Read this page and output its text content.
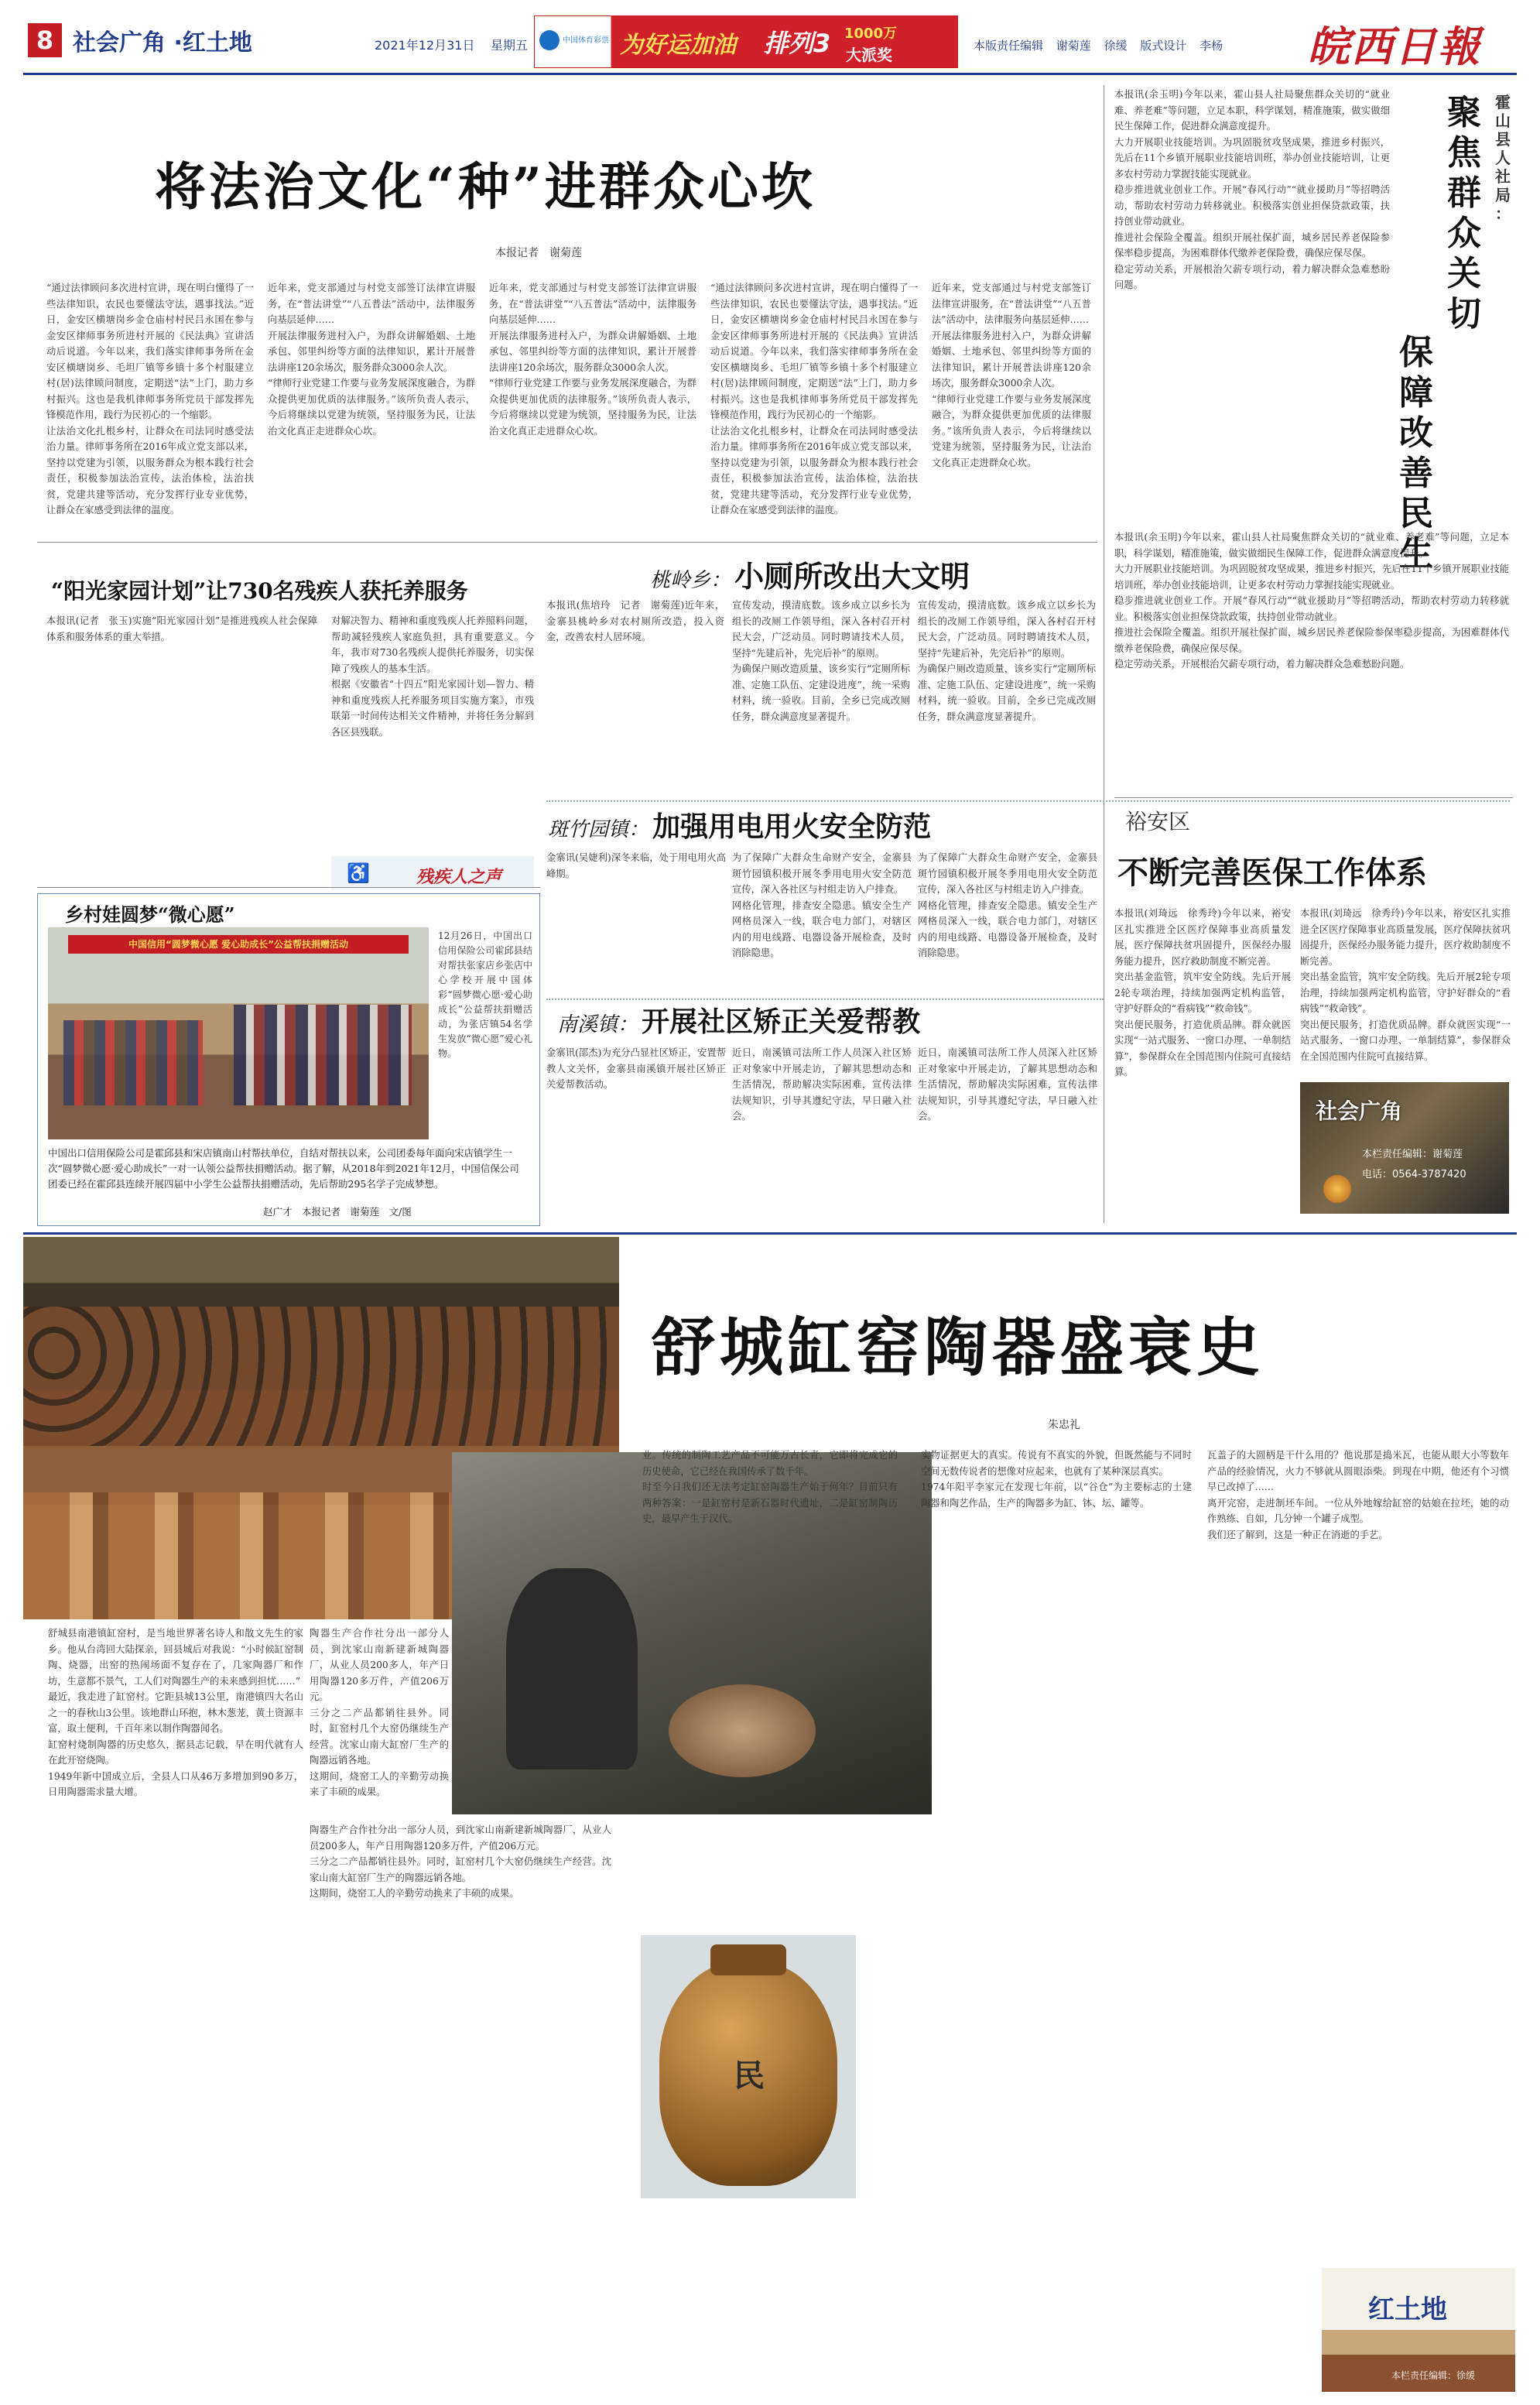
8 社会广角 ·红土地	2021年12月31日 星期五	中国体育彩票 为好运加油 排列3 1000万
大派奖	本版责任编辑 谢菊莲 徐缓 版式设计 李杨 皖西日報
将法治文化“种”进群众心坎
本报记者　谢菊莲
“通过法律顾问多次进村宣讲，现在明白懂得了一些法律知识，农民也要懂法守法，遇事找法。”近日，金安区横塘岗乡金仓庙村村民吕永国在参与金安区律师事务所进村开展的《民法典》宣讲活动后说道。今年以来，我们落实律师事务所在金安区横塘岗乡、毛坦厂镇等乡镇十多个村服建立村(居)法律顾问制度，定期送“法”上门，助力乡村振兴。这也是我机律师事务所党员干部发挥先锋模范作用，践行为民初心的一个缩影。
让法治文化扎根乡村，让群众在司法同时感受法治力量。律师事务所在2016年成立党支部以来，坚持以党建为引领，以服务群众为根本践行社会责任，积极参加法治宣传，法治体检，法治扶贫，党建共建等活动，充分发挥行业专业优势，让群众在家感受到法律的温度。
近年来，党支部通过与村党支部签订法律宣讲服务，在“普法讲堂”“八五普法”活动中，法律服务向基层延伸……
开展法律服务进村入户，为群众讲解婚姻、土地承包、邻里纠纷等方面的法律知识，累计开展普法讲座120余场次，服务群众3000余人次。
“律师行业党建工作要与业务发展深度融合，为群众提供更加优质的法律服务。”该所负责人表示，今后将继续以党建为统领，坚持服务为民，让法治文化真正走进群众心坎。
近年来，党支部通过与村党支部签订法律宣讲服务，在“普法讲堂”“八五普法”活动中，法律服务向基层延伸……
开展法律服务进村入户，为群众讲解婚姻、土地承包、邻里纠纷等方面的法律知识，累计开展普法讲座120余场次，服务群众3000余人次。
“律师行业党建工作要与业务发展深度融合，为群众提供更加优质的法律服务。”该所负责人表示，今后将继续以党建为统领，坚持服务为民，让法治文化真正走进群众心坎。
“通过法律顾问多次进村宣讲，现在明白懂得了一些法律知识，农民也要懂法守法，遇事找法。”近日，金安区横塘岗乡金仓庙村村民吕永国在参与金安区律师事务所进村开展的《民法典》宣讲活动后说道。今年以来，我们落实律师事务所在金安区横塘岗乡、毛坦厂镇等乡镇十多个村服建立村(居)法律顾问制度，定期送“法”上门，助力乡村振兴。这也是我机律师事务所党员干部发挥先锋模范作用，践行为民初心的一个缩影。
让法治文化扎根乡村，让群众在司法同时感受法治力量。律师事务所在2016年成立党支部以来，坚持以党建为引领，以服务群众为根本践行社会责任，积极参加法治宣传，法治体检，法治扶贫，党建共建等活动，充分发挥行业专业优势，让群众在家感受到法律的温度。
近年来，党支部通过与村党支部签订法律宣讲服务，在“普法讲堂”“八五普法”活动中，法律服务向基层延伸……
开展法律服务进村入户，为群众讲解婚姻、土地承包、邻里纠纷等方面的法律知识，累计开展普法讲座120余场次，服务群众3000余人次。
“律师行业党建工作要与业务发展深度融合，为群众提供更加优质的法律服务。”该所负责人表示，今后将继续以党建为统领，坚持服务为民，让法治文化真正走进群众心坎。
霍山县人社局：
聚焦群众关切
保障改善民生
本报讯(余玉明)今年以来，霍山县人社局聚焦群众关切的“就业难、养老难”等问题，立足本职，科学谋划，精准施策，做实做细民生保障工作，促进群众满意度提升。
大力开展职业技能培训。为巩固脱贫攻坚成果，推进乡村振兴，先后在11个乡镇开展职业技能培训班，举办创业技能培训，让更多农村劳动力掌握技能实现就业。
稳步推进就业创业工作。开展“春风行动”“就业援助月”等招聘活动，帮助农村劳动力转移就业。积极落实创业担保贷款政策，扶持创业带动就业。
推进社会保险全覆盖。组织开展社保扩面，城乡居民养老保险参保率稳步提高，为困难群体代缴养老保险费，确保应保尽保。
稳定劳动关系，开展根治欠薪专项行动，着力解决群众急难愁盼问题。
本报讯(余玉明)今年以来，霍山县人社局聚焦群众关切的“就业难、养老难”等问题，立足本职，科学谋划，精准施策，做实做细民生保障工作，促进群众满意度提升。
大力开展职业技能培训。为巩固脱贫攻坚成果，推进乡村振兴，先后在11个乡镇开展职业技能培训班，举办创业技能培训，让更多农村劳动力掌握技能实现就业。
稳步推进就业创业工作。开展“春风行动”“就业援助月”等招聘活动，帮助农村劳动力转移就业。积极落实创业担保贷款政策，扶持创业带动就业。
推进社会保险全覆盖。组织开展社保扩面，城乡居民养老保险参保率稳步提高，为困难群体代缴养老保险费，确保应保尽保。
稳定劳动关系，开展根治欠薪专项行动，着力解决群众急难愁盼问题。
“阳光家园计划”让730名残疾人获托养服务
本报讯(记者　张玉)实施“阳光家园计划”是推进残疾人社会保障体系和服务体系的重大举措。
对解决智力、精神和重度残疾人托养照料问题，帮助减轻残疾人家庭负担，具有重要意义。今年，我市对730名残疾人提供托养服务，切实保障了残疾人的基本生活。
根据《安徽省“十四五”阳光家园计划—智力、精神和重度残疾人托养服务项目实施方案》，市残联第一时间传达相关文件精神，并将任务分解到各区县残联。
残疾人之声
♿
乡村娃圆梦“微心愿”
中国信用“圆梦微心愿 爱心助成长”公益帮扶捐赠活动
12月26日，中国出口信用保险公司霍邱县结对帮扶张家店乡张店中心学校开展中国体彩“圆梦微心愿·爱心助成长”公益帮扶捐赠活动，为张店镇54名学生发放“微心愿”爱心礼物。
中国出口信用保险公司是霍邱县和宋店镇南山村帮扶单位，自结对帮扶以来，公司团委每年面向宋店镇学生一次“圆梦微心愿·爱心助成长”一对一认领公益帮扶捐赠活动。据了解，从2018年到2021年12月，中国信保公司团委已经在霍邱县连续开展四届中小学生公益帮扶捐赠活动，先后帮助295名学子完成梦想。
赵广才　本报记者　谢菊莲　文/图
桃岭乡： 小厕所改出大文明
本报讯(焦培玲　记者　谢菊莲)近年来，金寨县桃岭乡对农村厕所改造，投入资金，改善农村人居环境。
宣传发动，摸清底数。该乡成立以乡长为组长的改厕工作领导组，深入各村召开村民大会，广泛动员。同时聘请技术人员，坚持“先建后补，先完后补”的原则。
为确保户厕改造质量，该乡实行“定厕所标准、定施工队伍、定建设进度”，统一采购材料，统一验收。目前，全乡已完成改厕任务，群众满意度显著提升。
宣传发动，摸清底数。该乡成立以乡长为组长的改厕工作领导组，深入各村召开村民大会，广泛动员。同时聘请技术人员，坚持“先建后补，先完后补”的原则。
为确保户厕改造质量，该乡实行“定厕所标准、定施工队伍、定建设进度”，统一采购材料，统一验收。目前，全乡已完成改厕任务，群众满意度显著提升。
斑竹园镇： 加强用电用火安全防范
金寨讯(吴婕利)深冬来临，处于用电用火高峰期。
为了保障广大群众生命财产安全，金寨县斑竹园镇积极开展冬季用电用火安全防范宣传，深入各社区与村组走访入户排查。
网格化管理，排查安全隐患。镇安全生产网格员深入一线，联合电力部门，对辖区内的用电线路、电器设备开展检查，及时消除隐患。
为了保障广大群众生命财产安全，金寨县斑竹园镇积极开展冬季用电用火安全防范宣传，深入各社区与村组走访入户排查。
网格化管理，排查安全隐患。镇安全生产网格员深入一线，联合电力部门，对辖区内的用电线路、电器设备开展检查，及时消除隐患。
南溪镇： 开展社区矫正关爱帮教
金寨讯(邵杰)为充分凸显社区矫正，安置帮教人文关怀，金寨县南溪镇开展社区矫正关爱帮教活动。
近日，南溪镇司法所工作人员深入社区矫正对象家中开展走访，了解其思想动态和生活情况，帮助解决实际困难，宣传法律法规知识，引导其遵纪守法，早日融入社会。
近日，南溪镇司法所工作人员深入社区矫正对象家中开展走访，了解其思想动态和生活情况，帮助解决实际困难，宣传法律法规知识，引导其遵纪守法，早日融入社会。
裕安区
不断完善医保工作体系
本报讯(刘琦远　徐秀玲)今年以来，裕安区扎实推进全区医疗保障事业高质量发展，医疗保障扶贫巩固提升，医保经办服务能力提升，医疗救助制度不断完善。
突出基金监管，筑牢安全防线。先后开展2轮专项治理，持续加强两定机构监管，守护好群众的“看病钱”“救命钱”。
突出便民服务，打造优质品牌。群众就医实现“一站式服务、一窗口办理、一单制结算”，参保群众在全国范围内住院可直接结算。
本报讯(刘琦远　徐秀玲)今年以来，裕安区扎实推进全区医疗保障事业高质量发展，医疗保障扶贫巩固提升，医保经办服务能力提升，医疗救助制度不断完善。
突出基金监管，筑牢安全防线。先后开展2轮专项治理，持续加强两定机构监管，守护好群众的“看病钱”“救命钱”。
突出便民服务，打造优质品牌。群众就医实现“一站式服务、一窗口办理、一单制结算”，参保群众在全国范围内住院可直接结算。
社会广角
本栏责任编辑：谢菊莲
电话：0564-3787420
舒城缸窑陶器盛衰史
朱忠礼
舒城县南港镇缸窑村，是当地世界著名诗人和散文先生的家乡。他从台湾回大陆探亲，回县城后对我说：“小时候缸窑制陶、烧器，出窑的热闹场面不复存在了，几家陶器厂和作坊，生意都不景气，工人们对陶器生产的未来感到担忧……”
最近，我走进了缸窑村。它距县城13公里，南港镇四大名山之一的春秋山3公里。该地群山环抱，林木葱茏，黄土资源丰富，取土便利，千百年来以制作陶器闻名。
缸窑村烧制陶器的历史悠久，据县志记载，早在明代就有人在此开窑烧陶。
1949年新中国成立后，全县人口从46万多增加到90多万，日用陶器需求量大增。
陶器生产合作社分出一部分人员，到沈家山南新建新城陶器厂，从业人员200多人，年产日用陶器120多万件，产值206万元。
三分之二产品都销往县外。同时，缸窑村几个大窑仍继续生产经营。沈家山南大缸窑厂生产的陶器远销各地。
这期间，烧窑工人的辛勤劳动换来了丰硕的成果。
陶器生产合作社分出一部分人员，到沈家山南新建新城陶器厂，从业人员200多人，年产日用陶器120多万件，产值206万元。
三分之二产品都销往县外。同时，缸窑村几个大窑仍继续生产经营。沈家山南大缸窑厂生产的陶器远销各地。
这期间，烧窑工人的辛勤劳动换来了丰硕的成果。
业。传统的制陶工艺产品不可能万古长青，它即将完成它的历史使命，它已经在我国传承了数千年。
时至今日我们还无法考定缸窑陶器生产始于何年？目前只有两种答案：一是缸窑村是新石器时代遗址，二是缸窑制陶历史，最早产生于汉代。
民
实物证据更大的真实。传说有不真实的外貌，但既然能与不同时空间无数传说者的想像对应起来，也就有了某种深层真实。
1974年阳平李家元在发现七年前，以“谷仓”为主要标志的土建陶器和陶艺作品，生产的陶器多为缸、钵、坛、罐等。
瓦盖子的大圆柄是干什么用的？他说那是捣米瓦，也能从眼大小等数年产品的经验情况，火力不够就从圆眼添柴。到现在中期，他还有个习惯早已改掉了……
离开完窑，走进制坯车间。一位从外地嫁给缸窑的姑娘在拉坯，她的动作熟练、自如，几分钟一个罐子成型。
我们还了解到，这是一种正在消逝的手艺。
红土地
本栏责任编辑：徐缓
